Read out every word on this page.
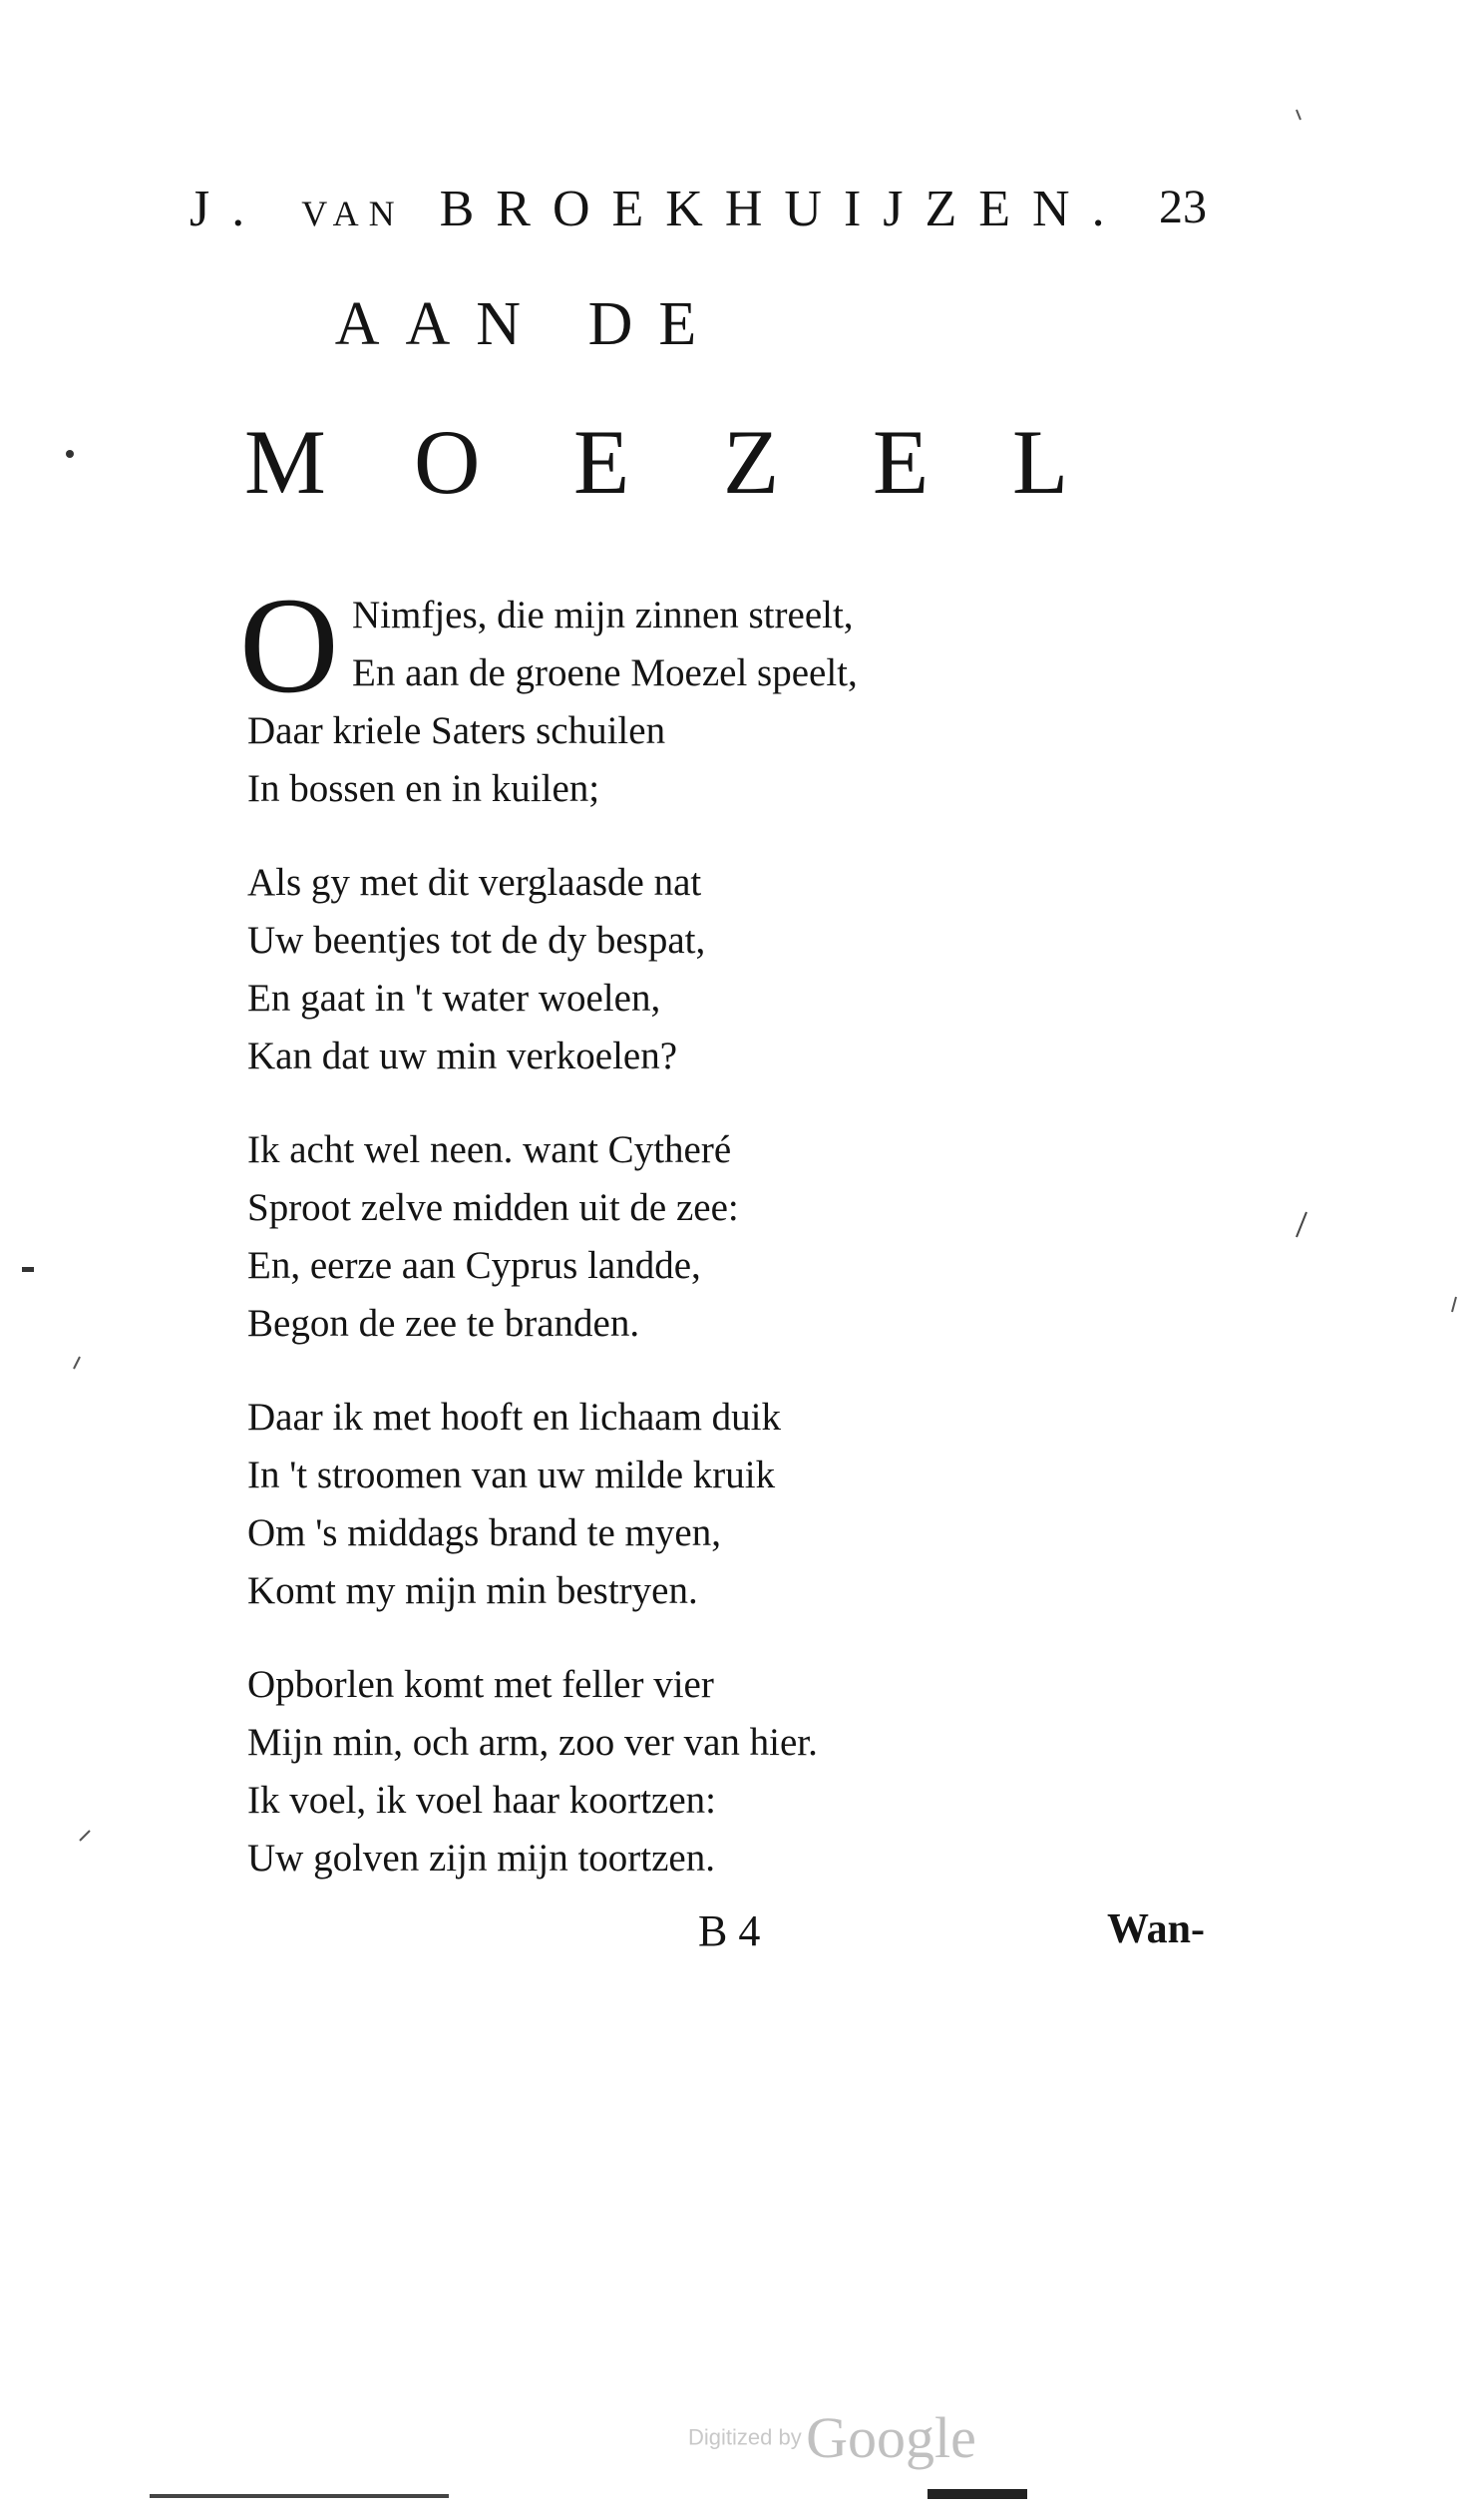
J. VAN BROEKHUIJZEN. 23
AAN DE
M O E Z E L
O Nimfjes, die mijn zinnen streelt,
En aan de groene Moezel speelt,
Daar kriele Saters schuilen
In bossen en in kuilen;
Als gy met dit verglaasde nat
Uw beentjes tot de dy bespat,
En gaat in 't water woelen,
Kan dat uw min verkoelen?
Ik acht wel neen. want Cytheré
Sproot zelve midden uit de zee:
En, eerze aan Cyprus landde,
Begon de zee te branden.
Daar ik met hooft en lichaam duik
In 't stroomen van uw milde kruik
Om 's middags brand te myen,
Komt my mijn min bestryen.
Opborlen komt met feller vier
Mijn min, och arm, zoo ver van hier.
Ik voel, ik voel haar koortzen:
Uw golven zijn mijn toortzen.
B 4	Wan-
Digitized by Google
